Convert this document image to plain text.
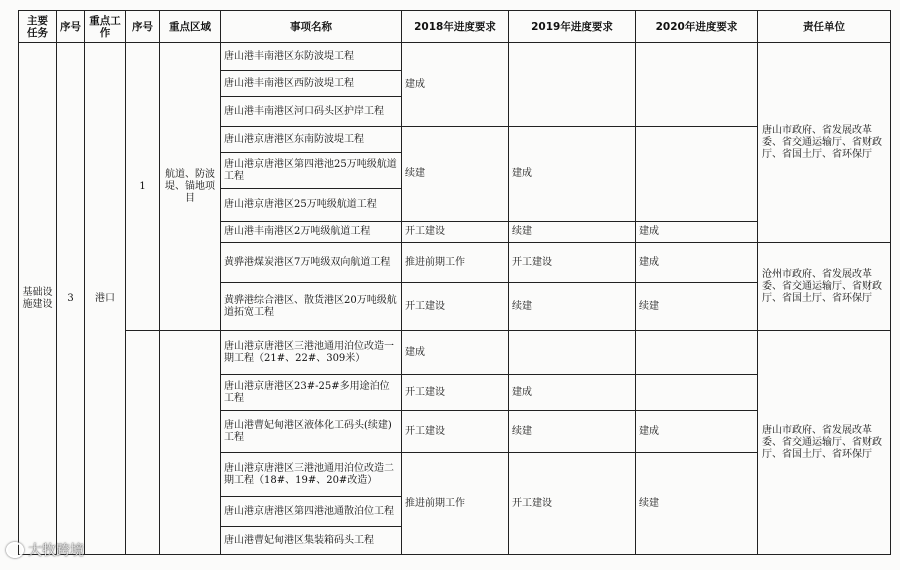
主要任务	序号	重点工作	序号	重点区域	事项名称	2018年进度要求	2019年进度要求	2020年进度要求	责任单位
基础设施建设	3	港口	1	航道、防波堤、锚地项目	唐山港丰南港区东防波堤工程	建成			唐山市政府、省发展改革委、省交通运输厅、省财政厅、省国土厅、省环保厅
					唐山港丰南港区西防波堤工程				
					唐山港丰南港区河口码头区护岸工程				
					唐山港京唐港区东南防波堤工程	续建	建成		
					唐山港京唐港区第四港池25万吨级航道工程				
					唐山港京唐港区25万吨级航道工程				
					唐山港丰南港区2万吨级航道工程	开工建设	续建	建成	
					黄骅港煤炭港区7万吨级双向航道工程	推进前期工作	开工建设	建成	沧州市政府、省发展改革委、省交通运输厅、省财政厅、省国土厅、省环保厅
					黄骅港综合港区、散货港区20万吨级航道拓宽工程	开工建设	续建	续建	
					唐山港京唐港区三港池通用泊位改造一期工程（21#、22#、309米）	建成			唐山市政府、省发展改革委、省交通运输厅、省财政厅、省国土厅、省环保厅
					唐山港京唐港区23#-25#多用途泊位工程	开工建设	建成		
					唐山港曹妃甸港区液体化工码头(续建)工程	开工建设	续建	建成	
					唐山港京唐港区三港池通用泊位改造二期工程（18#、19#、20#改造）	推进前期工作	开工建设	续建	
					唐山港京唐港区第四港池通散泊位工程				
					唐山港曹妃甸港区集装箱码头工程				
大牧跨境
